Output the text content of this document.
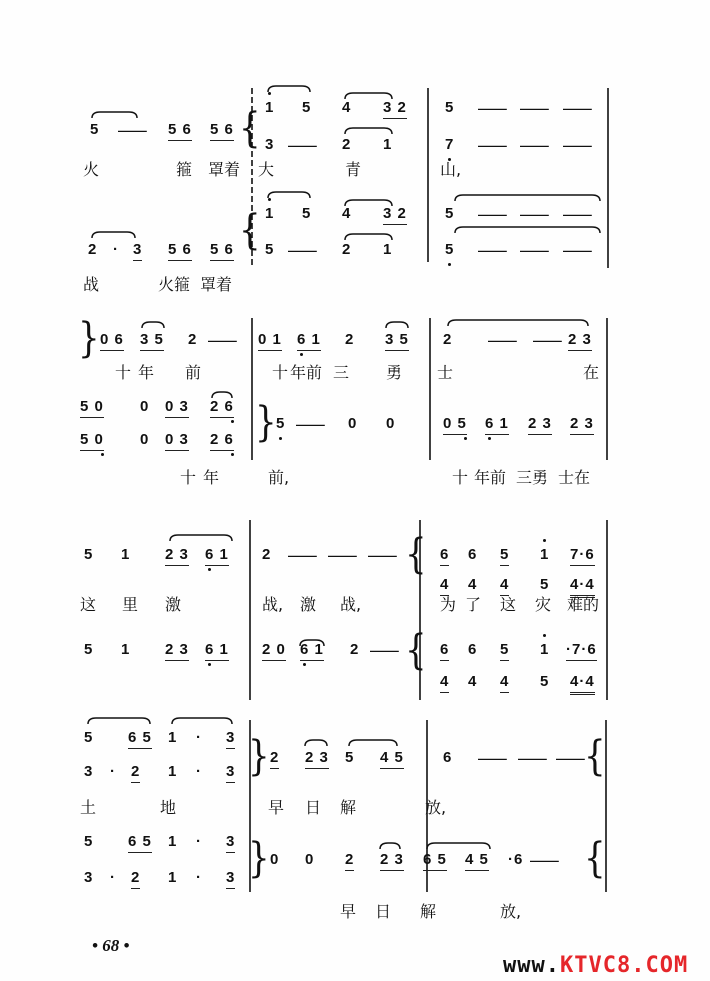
• 68 •
www.KTVC8.COM
5 — 5 6 5 6
1 5 4 3 2	5 — — —
3 — 2 1	7 — — —
火	箍 罩着 大	青	山,
1 5 4 3 2	5 — — —
2 · 3 5 6 5 6 5 — 2 1	5 — — —
战	火箍 罩着
0 6 3 5 2 — 0 1 6 1 2 3 5 2 — — 2 3
十 年 前	十 年前 三 勇 士	在
5 0 0 0 3 2 6
5 0 0 0 3 2 6
5 — 0 0	0 5 6 1 2 3 2 3
十 年	前,	十 年前 三勇 士在
5 1 2 3 6 1 2 — — —	6 6 5 1 7·6
4 4 4 5 4·4
这 里 激	战, 激 战,	为 了 这 灾 难的
5 1 2 3 6 1 2 0 6 1 2 —	6 6 5 1 ·7·6
4 4 4 5 4·4
5 6 5 1 · 3
3 · 2 1 · 3
2 2 3 5 4 5	6 — — —
土	地	早 日 解	放,
5 6 5 1 · 3
3 · 2 1 · 3
0 0 2 2 3 6 5 4 5 ·6 —
早 日 解	放,
{
{
}
}
{
{
}
}
{
{
